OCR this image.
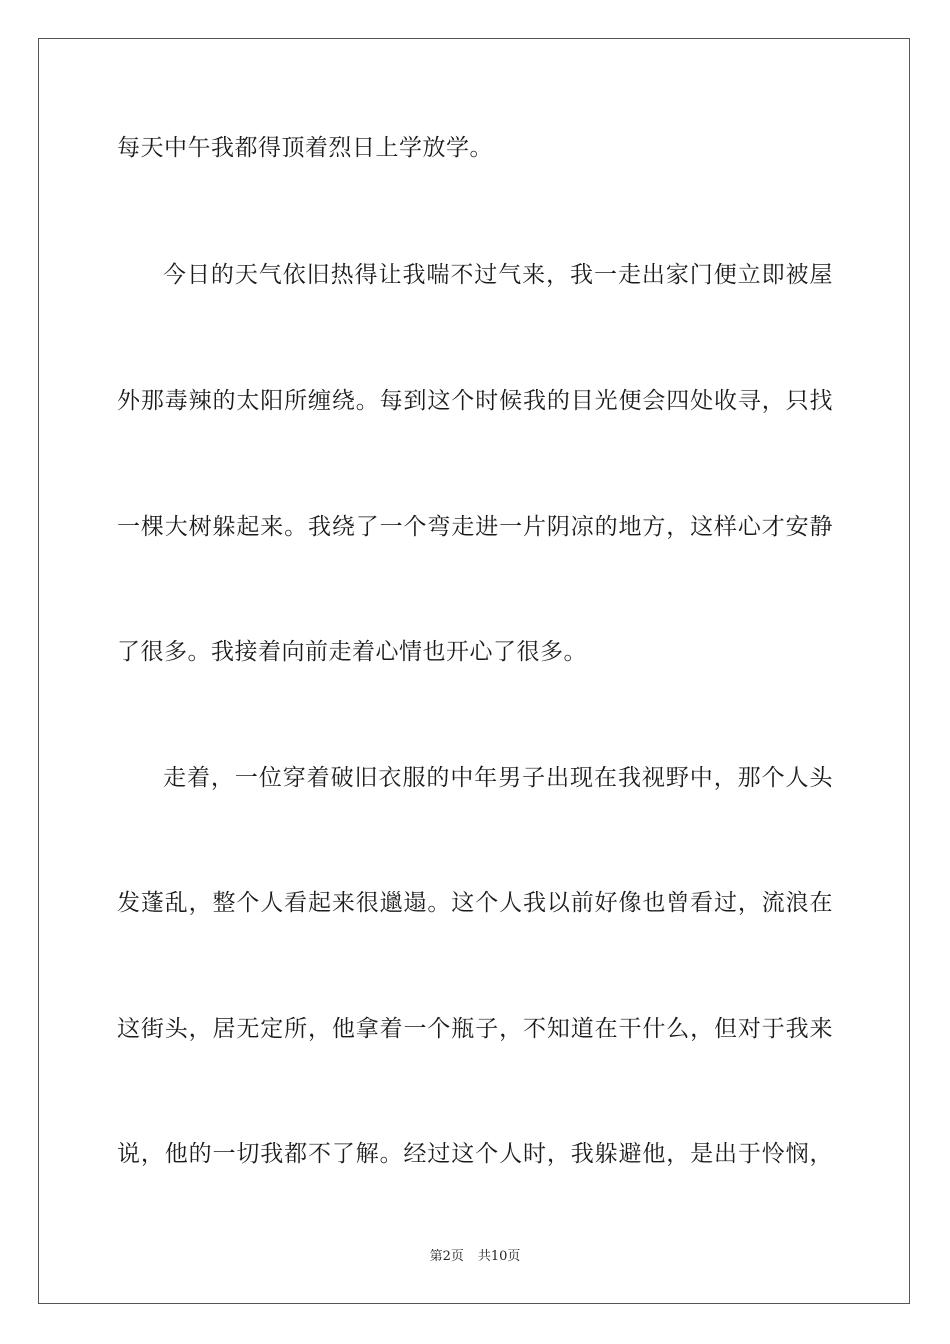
每天中午我都得顶着烈日上学放学。
今日的天气依旧热得让我喘不过气来，我一走出家门便立即被屋
外那毒辣的太阳所缠绕。每到这个时候我的目光便会四处收寻，只找
一棵大树躲起来。我绕了一个弯走进一片阴凉的地方，这样心才安静
了很多。我接着向前走着心情也开心了很多。
走着，一位穿着破旧衣服的中年男子出现在我视野中，那个人头
发蓬乱，整个人看起来很邋遢。这个人我以前好像也曾看过，流浪在
这街头，居无定所，他拿着一个瓶子，不知道在干什么，但对于我来
说，他的一切我都不了解。经过这个人时，我躲避他，是出于怜悯，
第2页 共10页
